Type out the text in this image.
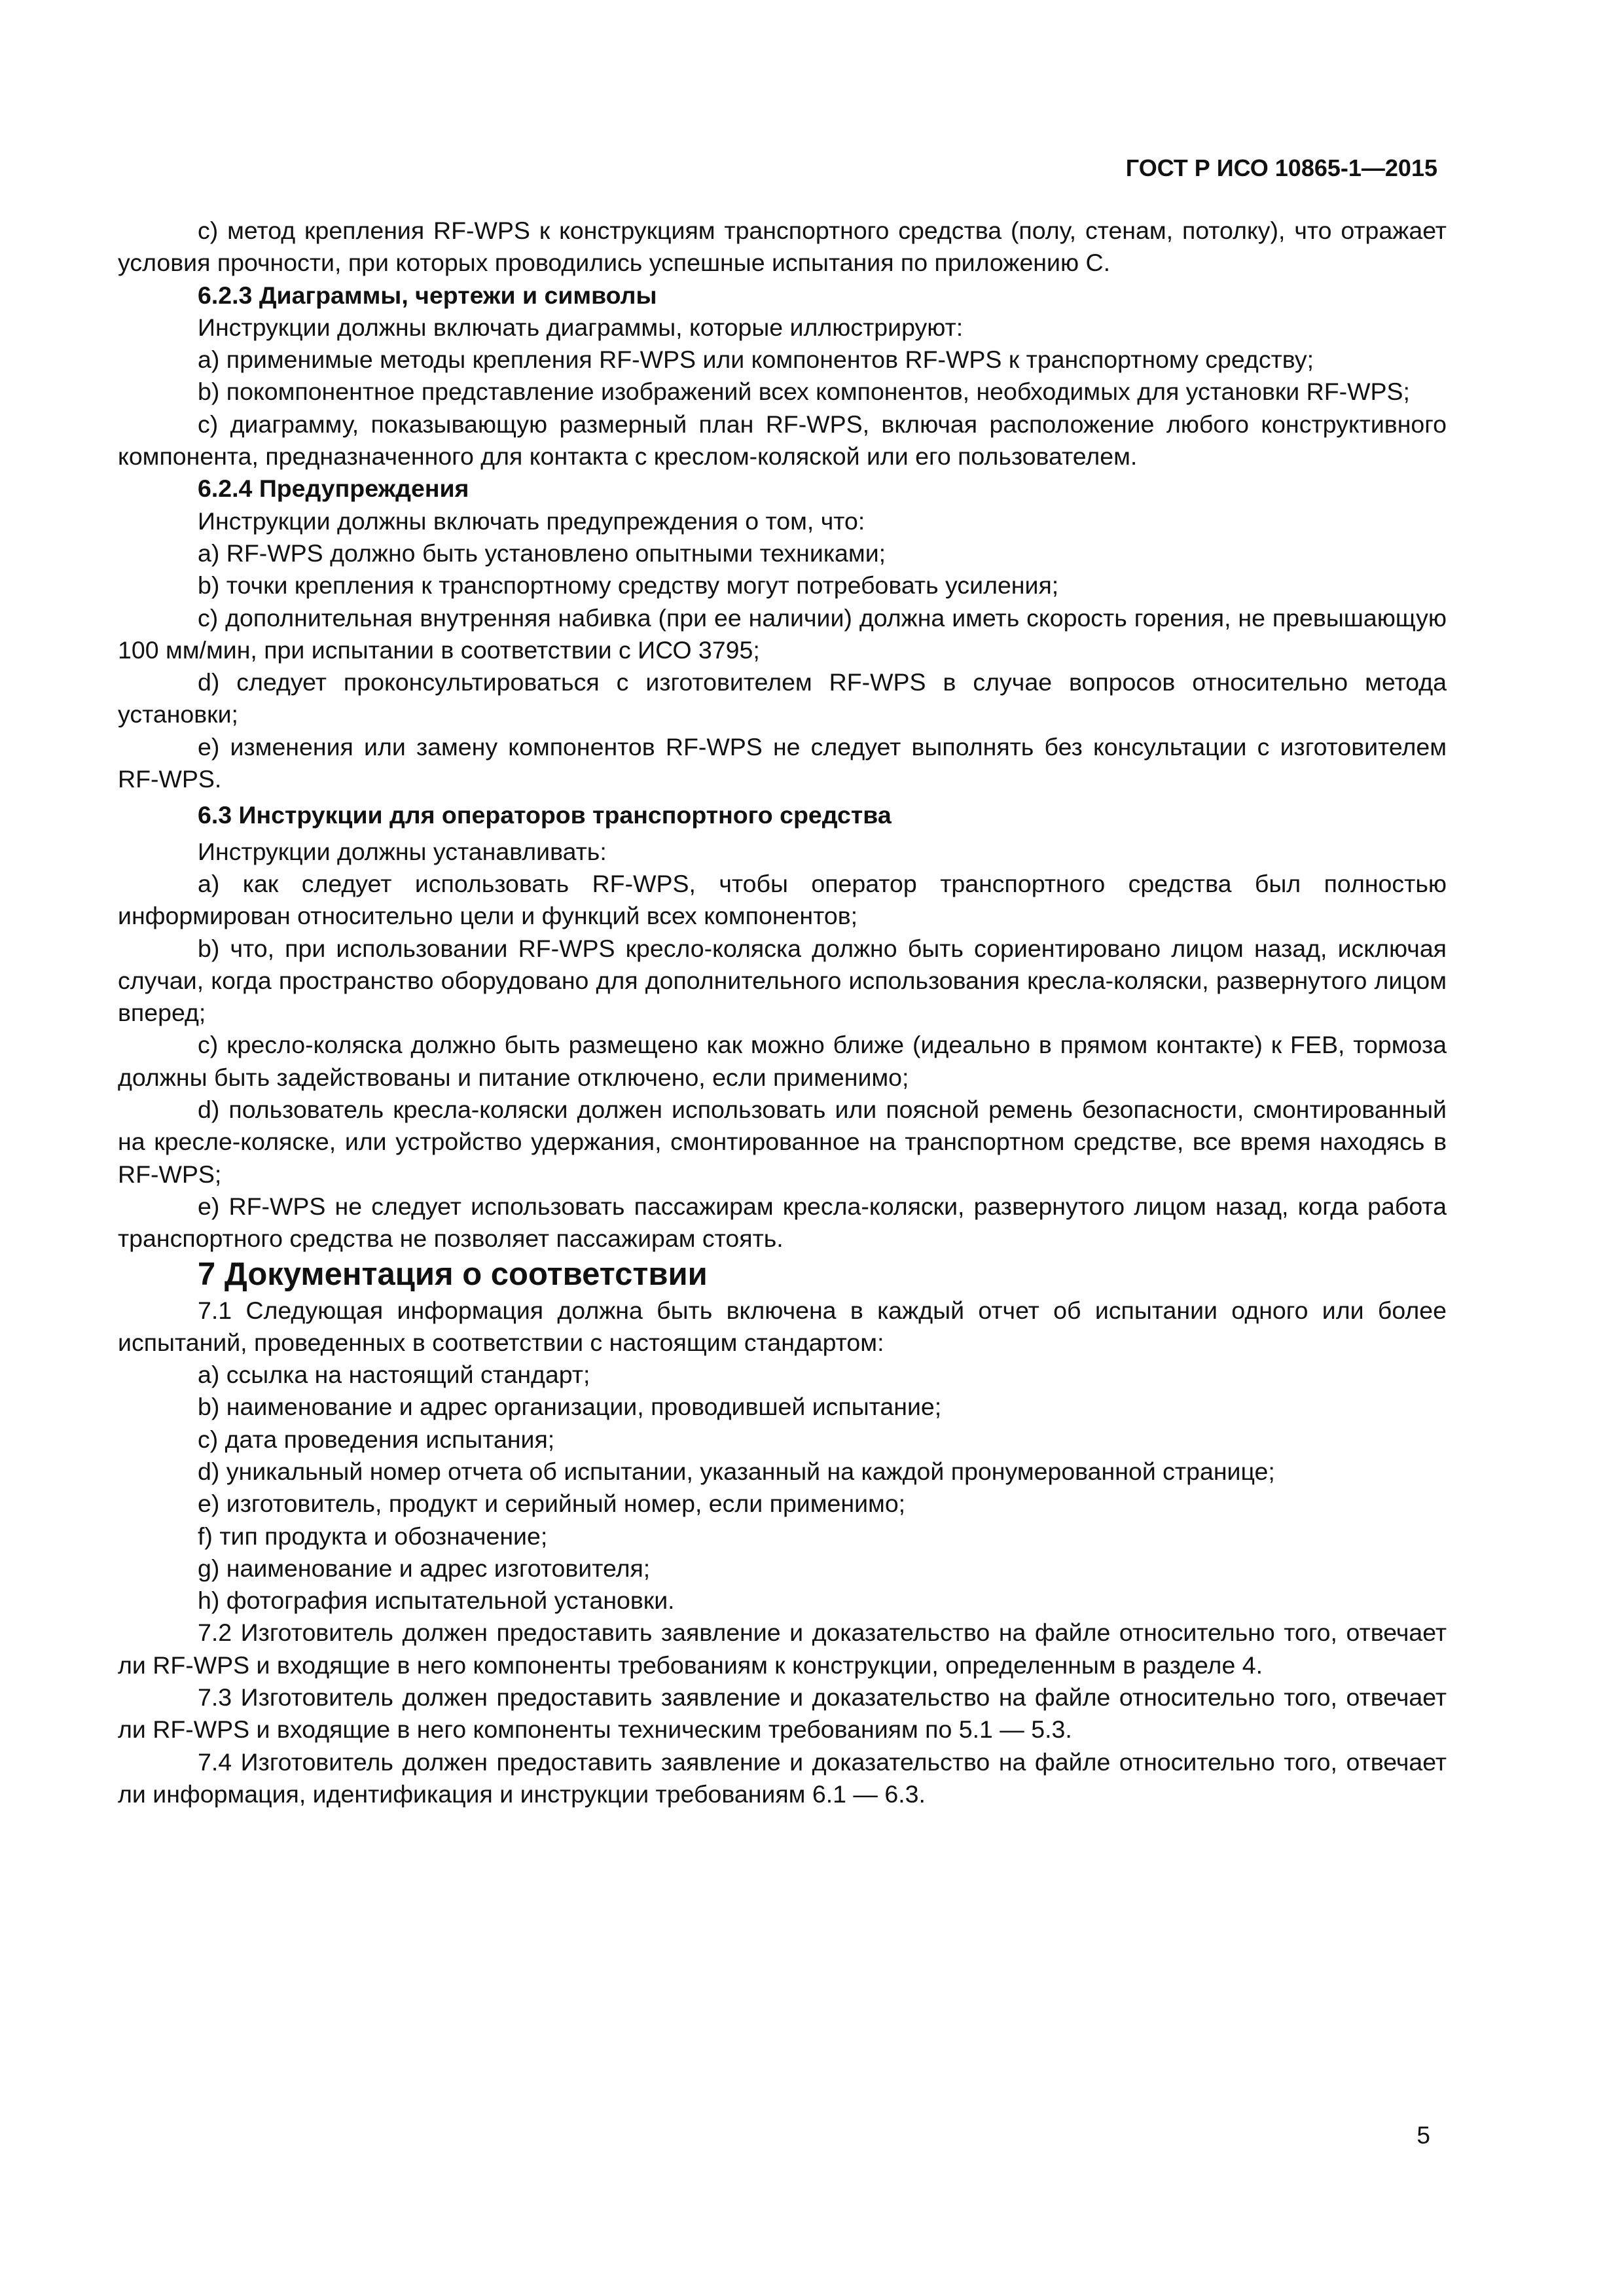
ГОСТ Р ИСО 10865-1—2015

c) метод крепления RF-WPS к конструкциям транспортного средства (полу, стенам, потолку), что отражает условия прочности, при которых проводились успешные испытания по приложению С.

6.2.3 Диаграммы, чертежи и символы

Инструкции должны включать диаграммы, которые иллюстрируют:

a) применимые методы крепления RF-WPS или компонентов RF-WPS к транспортному средству;

b) покомпонентное представление изображений всех компонентов, необходимых для установки RF-WPS;

c) диаграмму, показывающую размерный план RF-WPS, включая расположение любого конструктивного компонента, предназначенного для контакта с креслом-коляской или его пользователем.

6.2.4 Предупреждения

Инструкции должны включать предупреждения о том, что:

a) RF-WPS должно быть установлено опытными техниками;

b) точки крепления к транспортному средству могут потребовать усиления;

c) дополнительная внутренняя набивка (при ее наличии) должна иметь скорость горения, не превышающую 100 мм/мин, при испытании в соответствии с ИСО 3795;

d) следует проконсультироваться с изготовителем RF-WPS в случае вопросов относительно метода установки;

e) изменения или замену компонентов RF-WPS не следует выполнять без консультации с изготовителем RF-WPS.

6.3 Инструкции для операторов транспортного средства

Инструкции должны устанавливать:

a) как следует использовать RF-WPS, чтобы оператор транспортного средства был полностью информирован относительно цели и функций всех компонентов;

b) что, при использовании RF-WPS кресло-коляска должно быть сориентировано лицом назад, исключая случаи, когда пространство оборудовано для дополнительного использования кресла-коляски, развернутого лицом вперед;

c) кресло-коляска должно быть размещено как можно ближе (идеально в прямом контакте) к FEB, тормоза должны быть задействованы и питание отключено, если применимо;

d) пользователь кресла-коляски должен использовать или поясной ремень безопасности, смонтированный на кресле-коляске, или устройство удержания, смонтированное на транспортном средстве, все время находясь в RF-WPS;

e) RF-WPS не следует использовать пассажирам кресла-коляски, развернутого лицом назад, когда работа транспортного средства не позволяет пассажирам стоять.

7 Документация о соответствии

7.1 Следующая информация должна быть включена в каждый отчет об испытании одного или более испытаний, проведенных в соответствии с настоящим стандартом:

a) ссылка на настоящий стандарт;

b) наименование и адрес организации, проводившей испытание;

c) дата проведения испытания;

d) уникальный номер отчета об испытании, указанный на каждой пронумерованной странице;

e) изготовитель, продукт и серийный номер, если применимо;

f) тип продукта и обозначение;

g) наименование и адрес изготовителя;

h) фотография испытательной установки.

7.2 Изготовитель должен предоставить заявление и доказательство на файле относительно того, отвечает ли RF-WPS и входящие в него компоненты требованиям к конструкции, определенным в разделе 4.

7.3 Изготовитель должен предоставить заявление и доказательство на файле относительно того, отвечает ли RF-WPS и входящие в него компоненты техническим требованиям по 5.1 — 5.3.

7.4 Изготовитель должен предоставить заявление и доказательство на файле относительно того, отвечает ли информация, идентификация и инструкции требованиям 6.1 — 6.3.

5
